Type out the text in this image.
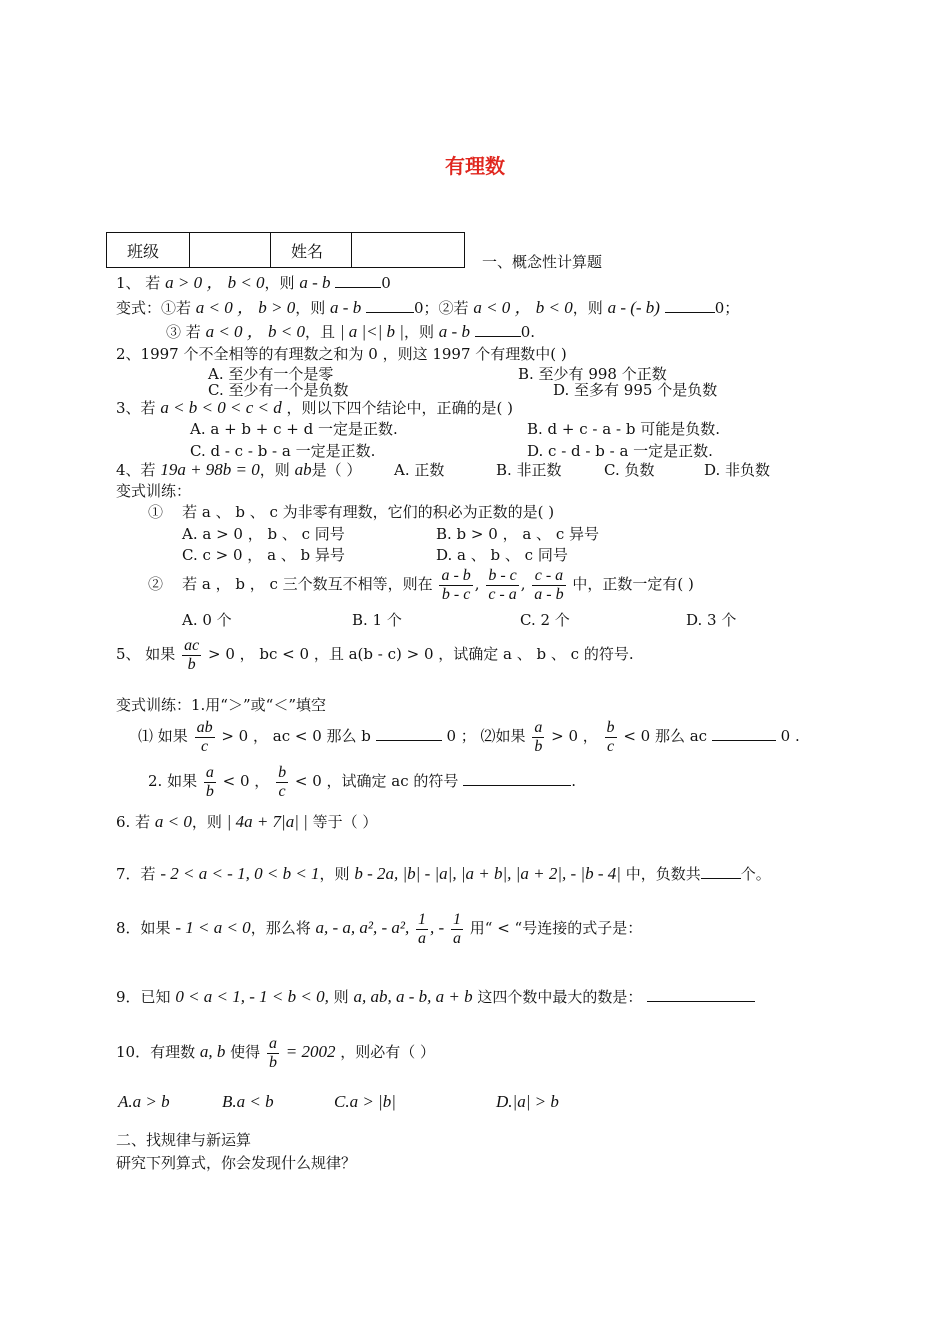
有理数
班级		姓名	
一、概念性计算题
1、 若 a > 0 ， b < 0，则 a - b	0
变式：①若 a < 0 ， b > 0，则 a - b	0；②若 a < 0 ， b < 0，则 a - (- b)	0；
③ 若 a < 0 ， b < 0，且 | a |<| b |，则 a - b	0.
2、1997 个不全相等的有理数之和为 0 ，则这 1997 个有理数中( )
A. 至少有一个是零	B. 至少有 998 个正数
C. 至少有一个是负数	D. 至多有 995 个是负数
3、若 a < b < 0 < c < d ，则以下四个结论中，正确的是( )
A. a + b + c + d 一定是正数.	B. d + c - a - b 可能是负数.
C. d - c - b - a 一定是正数.	D. c - d - b - a 一定是正数.
4、若 19a + 98b = 0，则 ab是（ ） A. 正数	B. 非正数	C. 负数	D. 非负数
变式训练：
① 若 a 、 b 、 c 为非零有理数，它们的积必为正数的是( )
A. a > 0 ， b 、 c 同号	B. b > 0 ， a 、 c 异号
C. c > 0 ， a 、 b 异号	D. a 、 b 、 c 同号
② 若 a ， b ， c 三个数互不相等，则在 $\frac{a - b}{b - c}$ , $\frac{b - c}{c - a}$ , $\frac{c - a}{a - b}$ 中，正数一定有( )
A. 0 个	B. 1 个	C. 2 个	D. 3 个
5、 如果 $\frac{ac}{b} > 0$ ， bc < 0 ，且 a(b - c) > 0 ，试确定 a 、 b 、 c 的符号.
变式训练：1.用“＞”或“＜”填空
⑴ 如果 $\frac{ab}{c} > 0$ ， ac < 0 那么 b	0 ； ⑵如果 $\frac{a}{b} > 0$ ， $\frac{b}{c} < 0$ 那么 ac	0 .
2. 如果 $\frac{a}{b} < 0$ ， $\frac{b}{c} < 0$ ，试确定 ac 的符号	.
6. 若 a < 0，则 | 4a + 7|a| | 等于（ ）
7．若 - 2 < a < - 1, 0 < b < 1，则 b - 2a, |b| - |a|, |a + b|, |a + 2|, - |b - 4| 中，负数共	个。
8．如果 - 1 < a < 0，那么将 a, - a, a², - a², $\frac{1}{a}$ , - $\frac{1}{a}$ 用“ < “号连接的式子是：
9．已知 0 < a < 1, - 1 < b < 0, 则 a, ab, a - b, a + b 这四个数中最大的数是：
10．有理数 a, b 使得 $\frac{a}{b} = 2002$ ，则必有（ ）
A.a > b	B.a < b	C.a > |b|	D.|a| > b
二、找规律与新运算
研究下列算式，你会发现什么规律？
